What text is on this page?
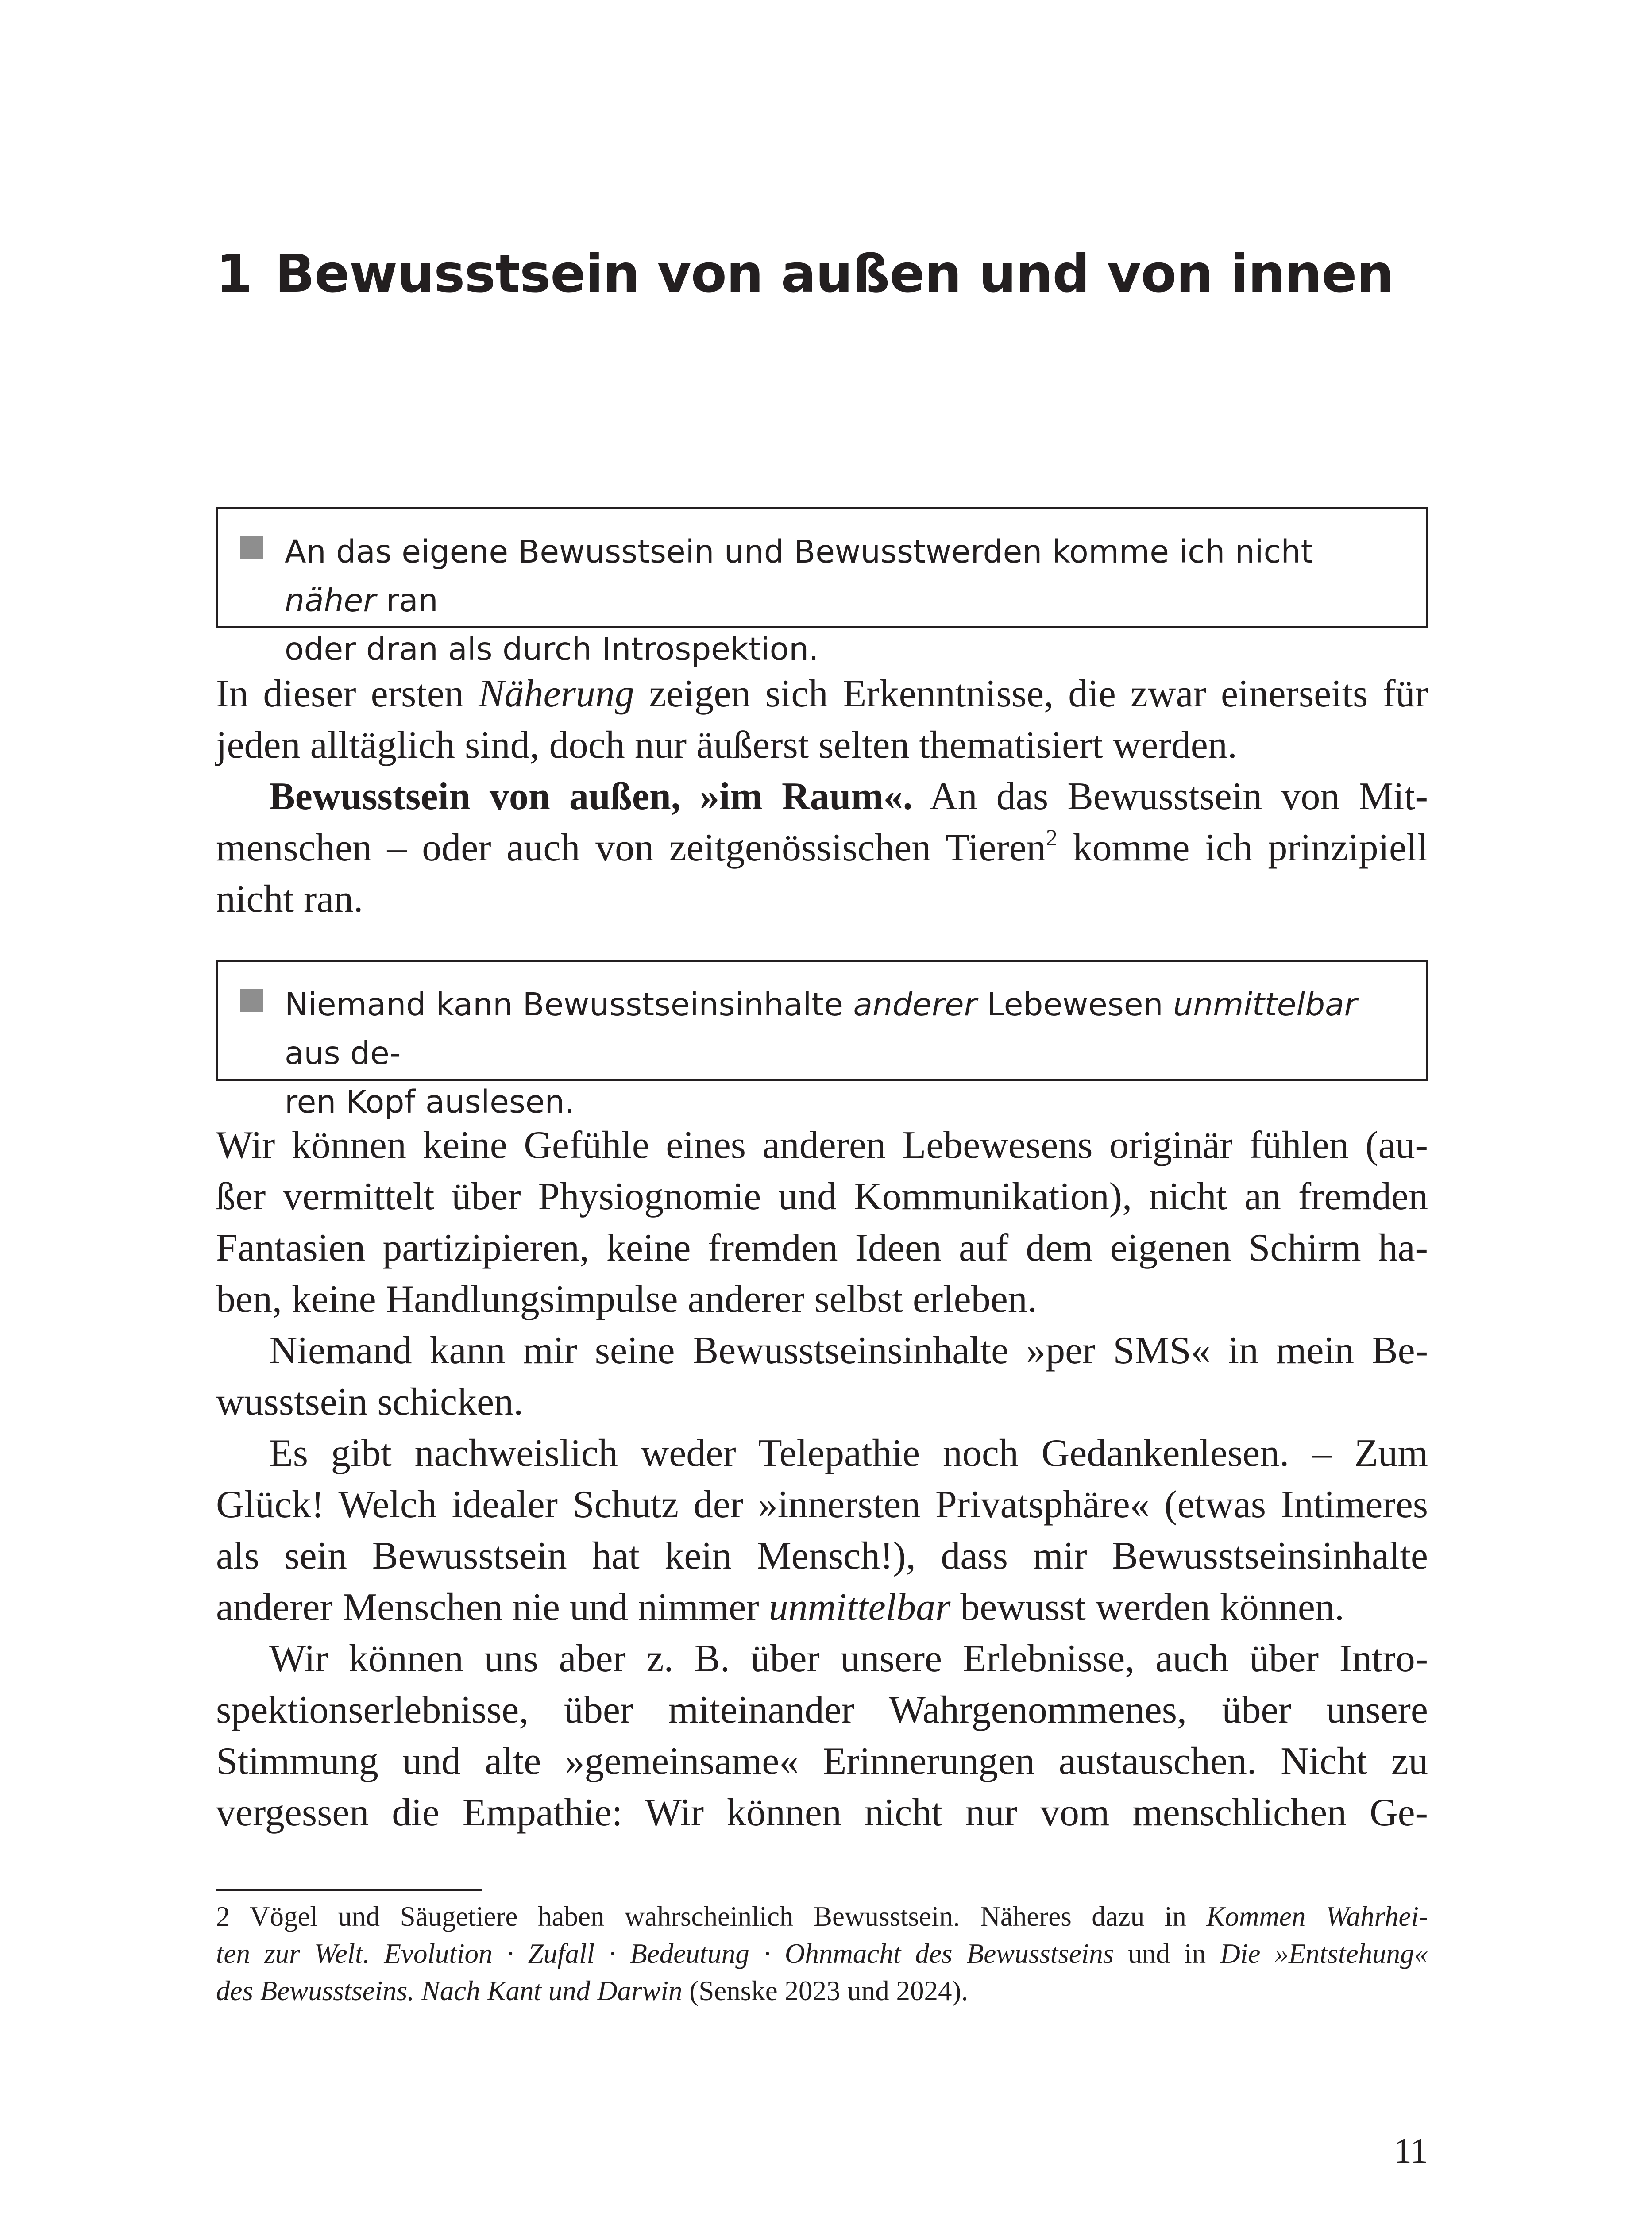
1 Bewusstsein von außen und von innen
An das eigene Bewusstsein und Bewusstwerden komme ich nicht näher ran
oder dran als durch Introspektion.

In dieser ersten Näherung zeigen sich Erkenntnisse, die zwar einerseits für
jeden alltäglich sind, doch nur äußerst selten thematisiert werden.

Bewusstsein von außen, »im Raum«. An das Bewusstsein von Mit-
menschen – oder auch von zeitgenössischen Tieren$^2$ komme ich prinzipiell
nicht ran.

Niemand kann Bewusstseinsinhalte anderer Lebewesen unmittelbar aus de-
ren Kopf auslesen.

Wir können keine Gefühle eines anderen Lebewesens originär fühlen (au-
ßer vermittelt über Physiognomie und Kommunikation), nicht an fremden
Fantasien partizipieren, keine fremden Ideen auf dem eigenen Schirm ha-
ben, keine Handlungsimpulse anderer selbst erleben.

Niemand kann mir seine Bewusstseinsinhalte »per SMS« in mein Be-
wusstsein schicken.

Es gibt nachweislich weder Telepathie noch Gedankenlesen. – Zum
Glück! Welch idealer Schutz der »innersten Privatsphäre« (etwas Intimeres
als sein Bewusstsein hat kein Mensch!), dass mir Bewusstseinsinhalte
anderer Menschen nie und nimmer unmittelbar bewusst werden können.

Wir können uns aber z. B. über unsere Erlebnisse, auch über Intro-
spektionserlebnisse, über miteinander Wahrgenommenes, über unsere
Stimmung und alte »gemeinsame« Erinnerungen austauschen. Nicht zu
vergessen die Empathie: Wir können nicht nur vom menschlichen Ge-

2 Vögel und Säugetiere haben wahrscheinlich Bewusstsein. Näheres dazu in Kommen Wahrhei-
ten zur Welt. Evolution · Zufall · Bedeutung · Ohnmacht des Bewusstseins und in Die »Entstehung«
des Bewusstseins. Nach Kant und Darwin (Senske 2023 und 2024).

11
